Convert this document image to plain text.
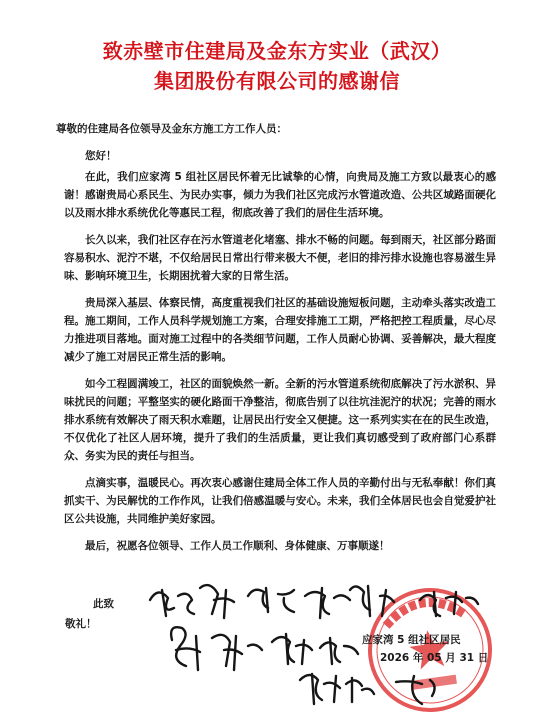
致赤壁市住建局及金东方实业（武汉）
集团股份有限公司的感谢信
尊敬的住建局各位领导及金东方施工方工作人员：
您好！

在此，我们应家湾 5 组社区居民怀着无比诚挚的心情，向贵局及施工方致以最衷心的感谢！感谢贵局心系民生、为民办实事，倾力为我们社区完成污水管道改造、公共区域路面硬化以及雨水排水系统优化等惠民工程，彻底改善了我们的居住生活环境。

长久以来，我们社区存在污水管道老化堵塞、排水不畅的问题。每到雨天，社区部分路面容易积水、泥泞不堪，不仅给居民日常出行带来极大不便，老旧的排污排水设施也容易滋生异味、影响环境卫生，长期困扰着大家的日常生活。

贵局深入基层、体察民情，高度重视我们社区的基础设施短板问题，主动牵头落实改造工程。施工期间，工作人员科学规划施工方案，合理安排施工工期，严格把控工程质量，尽心尽力推进项目落地。面对施工过程中的各类细节问题，工作人员耐心协调、妥善解决，最大程度减少了施工对居民正常生活的影响。

如今工程圆满竣工，社区的面貌焕然一新。全新的污水管道系统彻底解决了污水淤积、异味扰民的问题；平整坚实的硬化路面干净整洁，彻底告别了以往坑洼泥泞的状况；完善的雨水排水系统有效解决了雨天积水难题，让居民出行安全又便捷。这一系列实实在在的民生改造，不仅优化了社区人居环境，提升了我们的生活质量，更让我们真切感受到了政府部门心系群众、务实为民的责任与担当。

点滴实事，温暖民心。再次衷心感谢住建局全体工作人员的辛勤付出与无私奉献！你们真抓实干、为民解忧的工作作风，让我们倍感温暖与安心。未来，我们全体居民也会自觉爱护社区公共设施，共同维护美好家园。

最后，祝愿各位领导、工作人员工作顺利、身体健康、万事顺遂！

此致
敬礼！
应家湾 5 组社区居民
2026 年 05 月 31 日
